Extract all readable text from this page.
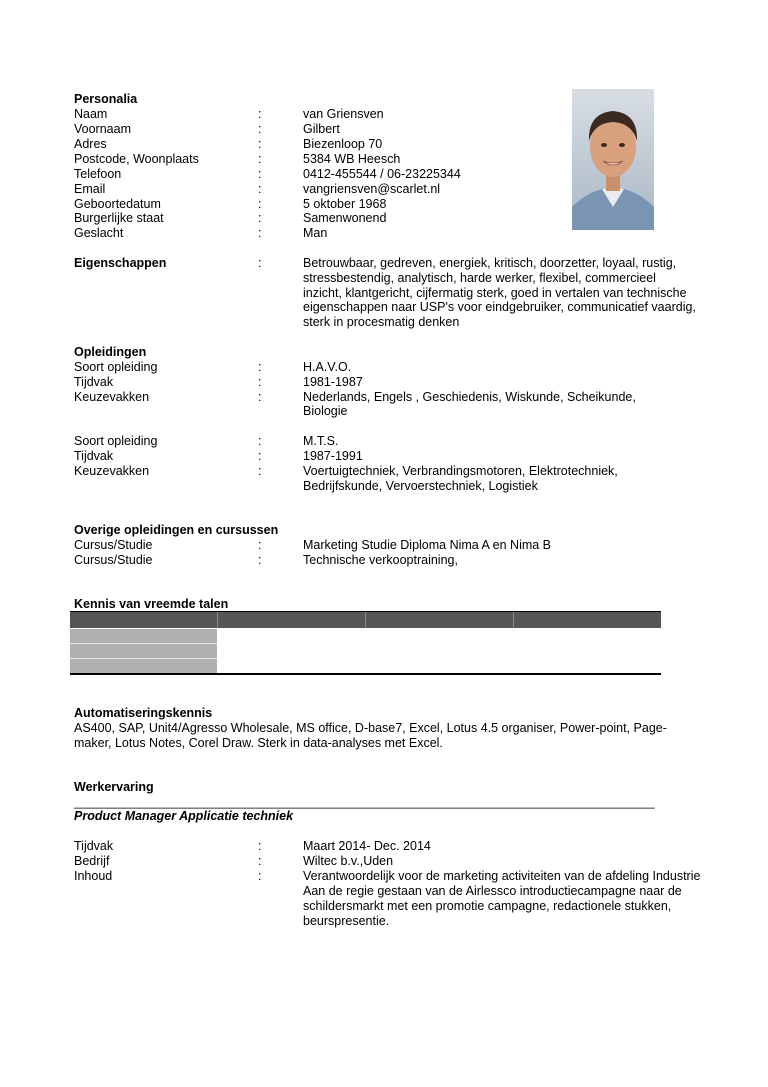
Personalia
Naam	:	van Griensven
Voornaam	:	Gilbert
Adres	:	Biezenloop 70
Postcode, Woonplaats	:	5384 WB Heesch
Telefoon	:	0412-455544 / 06-23225344
Email	:	vangriensven@scarlet.nl
Geboortedatum	:	5 oktober 1968
Burgerlijke staat	:	Samenwonend
Geslacht	:	Man
Eigenschappen	:	Betrouwbaar, gedreven, energiek, kritisch, doorzetter, loyaal, rustig,
stressbestendig, analytisch, harde werker, flexibel, commercieel
inzicht, klantgericht, cijfermatig sterk, goed in vertalen van technische
eigenschappen naar USP's voor eindgebruiker, communicatief vaardig,
sterk in procesmatig denken
Opleidingen
Soort opleiding	:	H.A.V.O.
Tijdvak	:	1981-1987
Keuzevakken	:	Nederlands, Engels , Geschiedenis, Wiskunde, Scheikunde,
Biologie
Soort opleiding	:	M.T.S.
Tijdvak	:	1987-1991
Keuzevakken	:	Voertuigtechniek, Verbrandingsmotoren, Elektrotechniek,
Bedrijfskunde, Vervoerstechniek, Logistiek
Overige opleidingen en cursussen
Cursus/Studie	:	Marketing Studie Diploma Nima A en Nima B
Cursus/Studie	:	Technische verkooptraining,
Kennis van vreemde talen
Automatiseringskennis
AS400, SAP, Unit4/Agresso Wholesale, MS office, D-base7, Excel, Lotus 4.5 organiser, Power-point, Page-
maker, Lotus Notes, Corel Draw. Sterk in data-analyses met Excel.
Werkervaring
_______________________________________________________________________________________
Product Manager Applicatie techniek
Tijdvak	:	Maart 2014- Dec. 2014
Bedrijf	:	Wiltec b.v.,Uden
Inhoud	:	Verantwoordelijk voor de marketing activiteiten van de afdeling Industrie
Aan de regie gestaan van de Airlessco introductiecampagne naar de
schildersmarkt met een promotie campagne, redactionele stukken,
beurspresentie.
